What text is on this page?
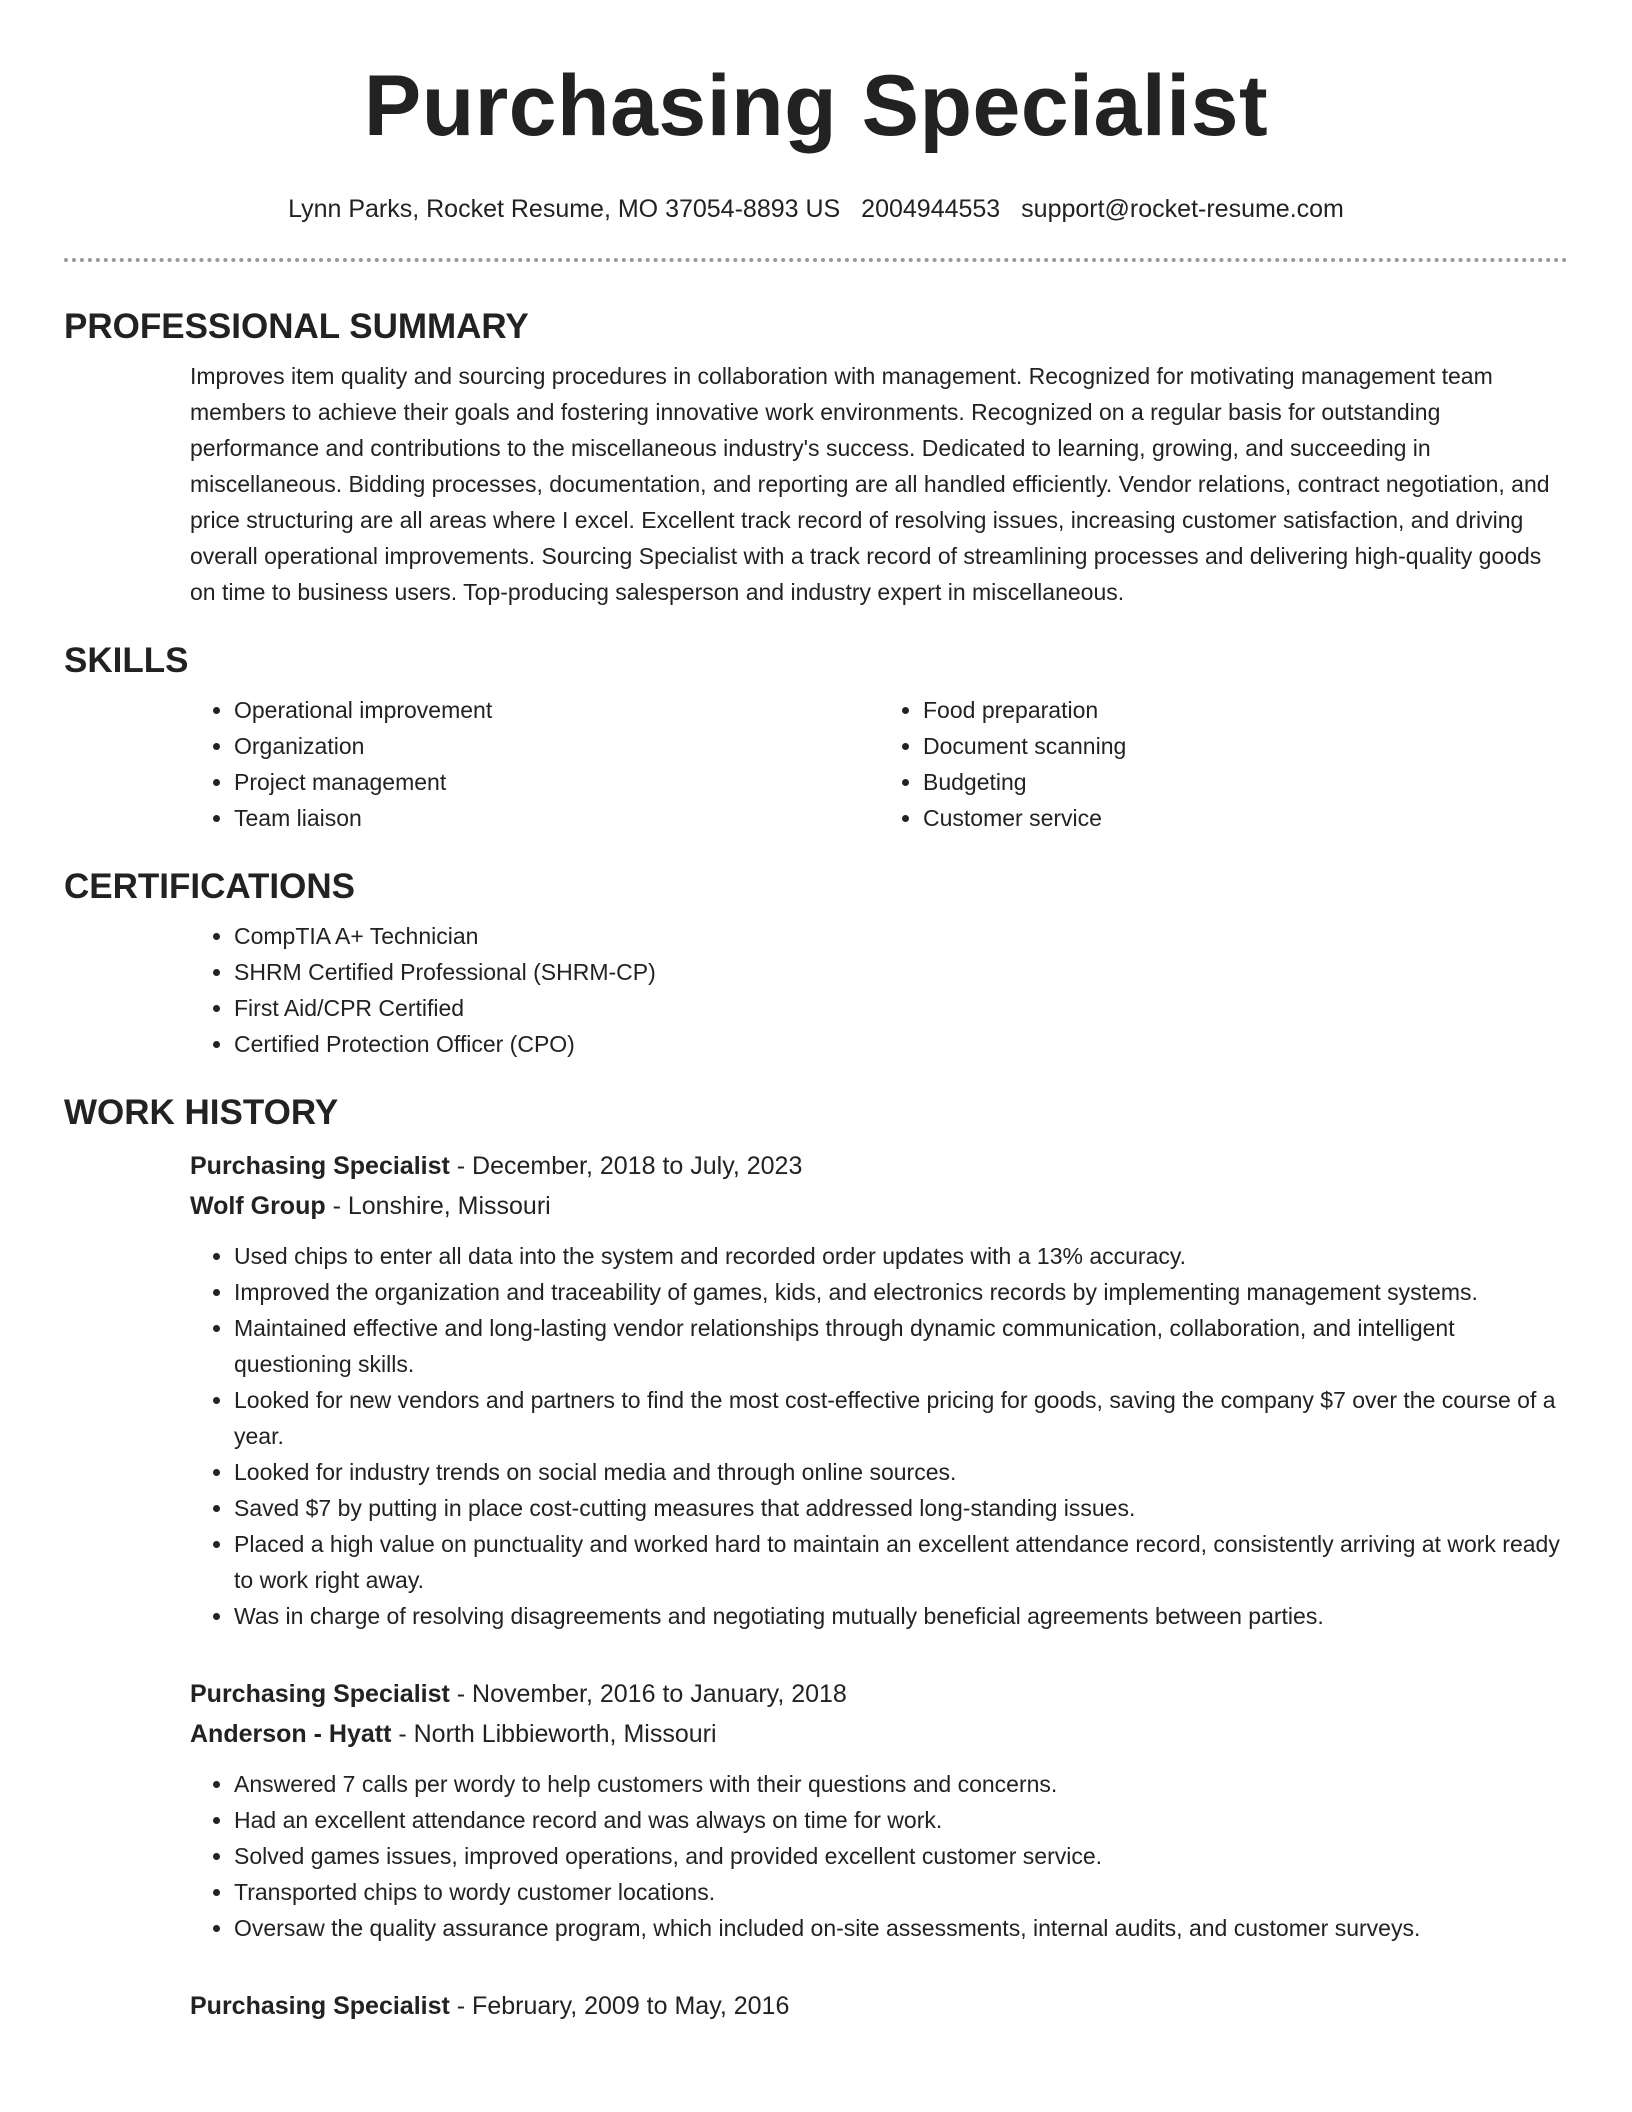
Purchasing Specialist
Lynn Parks, Rocket Resume, MO 37054-8893 US 2004944553 support@rocket-resume.com
PROFESSIONAL SUMMARY

Improves item quality and sourcing procedures in collaboration with management. Recognized for motivating management team members to achieve their goals and fostering innovative work environments. Recognized on a regular basis for outstanding performance and contributions to the miscellaneous industry's success. Dedicated to learning, growing, and succeeding in miscellaneous. Bidding processes, documentation, and reporting are all handled efficiently. Vendor relations, contract negotiation, and price structuring are all areas where I excel. Excellent track record of resolving issues, increasing customer satisfaction, and driving overall operational improvements. Sourcing Specialist with a track record of streamlining processes and delivering high-quality goods on time to business users. Top-producing salesperson and industry expert in miscellaneous.

SKILLS
• Operational improvement
• Organization
• Project management
• Team liaison
• Food preparation
• Document scanning
• Budgeting
• Customer service
CERTIFICATIONS
• CompTIA A+ Technician
• SHRM Certified Professional (SHRM-CP)
• First Aid/CPR Certified
• Certified Protection Officer (CPO)
WORK HISTORY
Purchasing Specialist - December, 2018 to July, 2023
Wolf Group - Lonshire, Missouri
• Used chips to enter all data into the system and recorded order updates with a 13% accuracy.
• Improved the organization and traceability of games, kids, and electronics records by implementing management systems.
• Maintained effective and long-lasting vendor relationships through dynamic communication, collaboration, and intelligent questioning skills.
• Looked for new vendors and partners to find the most cost-effective pricing for goods, saving the company $7 over the course of a year.
• Looked for industry trends on social media and through online sources.
• Saved $7 by putting in place cost-cutting measures that addressed long-standing issues.
• Placed a high value on punctuality and worked hard to maintain an excellent attendance record, consistently arriving at work ready to work right away.
• Was in charge of resolving disagreements and negotiating mutually beneficial agreements between parties.
Purchasing Specialist - November, 2016 to January, 2018
Anderson - Hyatt - North Libbieworth, Missouri
• Answered 7 calls per wordy to help customers with their questions and concerns.
• Had an excellent attendance record and was always on time for work.
• Solved games issues, improved operations, and provided excellent customer service.
• Transported chips to wordy customer locations.
• Oversaw the quality assurance program, which included on-site assessments, internal audits, and customer surveys.
Purchasing Specialist - February, 2009 to May, 2016
